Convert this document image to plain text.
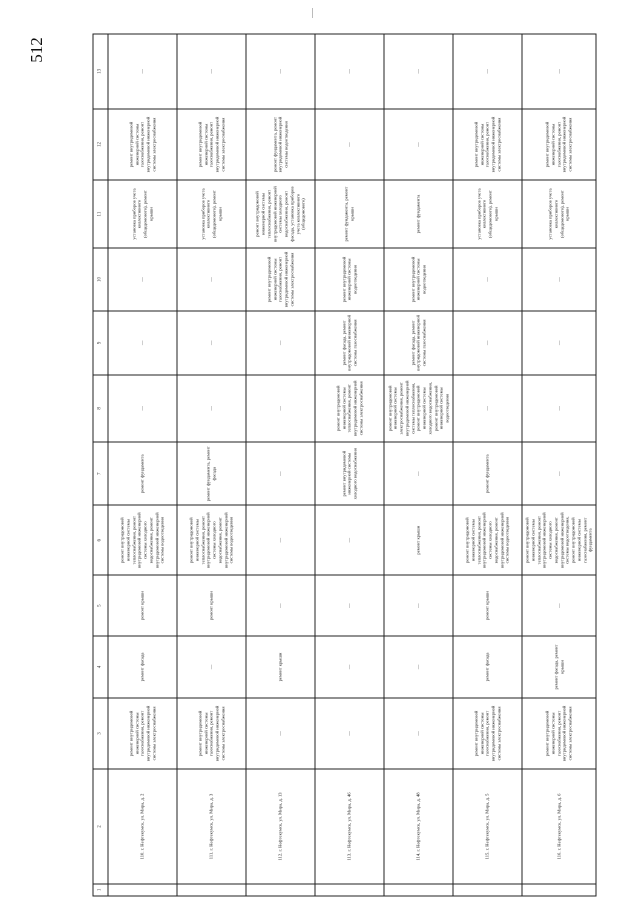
512
1	2	3	4	5	6	7	8	9	10	11	12	13
	110. г. Нефтекумск, ул. Мира, д. 2	ремонт внутридомовой инженерной системы газоснабжения, ремонт внутридомовой инженерной системы электроснабжения	ремонт фасада	ремонт крыши	ремонт внутридомовой инженерной системы теплоснабжения, ремонт внутридомовой инженерной системы холодного водоснабжения, ремонт внутридомовой инженерной системы водоотведения	ремонт фундамента	—	—	—	установка приборов учета коллективного (общедомового), ремонт крыши	ремонт внутридомовой инженерной системы газоснабжения, ремонт внутридомовой инженерной системы электроснабжения	—
	111. г. Нефтекумск, ул. Мира, д. 3	ремонт внутридомовой инженерной системы газоснабжения, ремонт внутридомовой инженерной системы электроснабжения	—	ремонт крыши	ремонт внутридомовой инженерной системы теплоснабжения, ремонт внутридомовой инженерной системы холодного водоснабжения, ремонт внутридомовой инженерной системы водоотведения	ремонт фундамента, ремонт фасада	—	—	—	установка приборов учета коллективного (общедомового), ремонт крыши	ремонт внутридомовой инженерной системы газоснабжения, ремонт внутридомовой инженерной системы электроснабжения	—
	112. г. Нефтекумск, ул. Мира, д. 13	—	ремонт крыши	—	—	—	—	—	ремонт внутридомовой инженерной системы газоснабжения, ремонт внутридомовой инженерной системы электроснабжения	ремонт внутридомовой инженерной системы теплоснабжения, ремонт внутридомовой инженерной системы холодного водоснабжения, ремонт фасада, установка приборов учета коллективного (общедомового)	ремонт фундамента, ремонт внутридомовой инженерной системы водоотведения	—
	113. г. Нефтекумск, ул. Мира, д. 46	—	—	—	—	ремонт внутридомовой инженерной системы холодного водоснабжения	ремонт внутридомовой инженерной системы теплоснабжения, ремонт внутридомовой инженерной системы электроснабжения	ремонт фасада, ремонт внутридомовой инженерной системы газоснабжения	ремонт внутридомовой инженерной системы водоотведения	ремонт фундамента, ремонт крыши	—	—
	114. г. Нефтекумск, ул. Мира, д. 48	—	—	—	ремонт крыши	—	ремонт внутридомовой инженерной системы электроснабжения, ремонт внутридомовой инженерной системы теплоснабжения, ремонт внутридомовой инженерной системы холодного водоснабжения, ремонт внутридомовой инженерной системы водоотведения	ремонт фасада, ремонт внутридомовой инженерной системы газоснабжения	ремонт внутридомовой инженерной системы водоотведения	ремонт фундамента	—	—
	115. г. Нефтекумск, ул. Мира, д. 5	ремонт внутридомовой инженерной системы газоснабжения, ремонт внутридомовой инженерной системы электроснабжения	ремонт фасада	ремонт крыши	ремонт внутридомовой инженерной системы теплоснабжения, ремонт внутридомовой инженерной системы холодного водоснабжения, ремонт внутридомовой инженерной системы водоотведения	ремонт фундамента	—	—	—	установка приборов учета коллективного (общедомового), ремонт крыши	ремонт внутридомовой инженерной системы газоснабжения, ремонт внутридомовой инженерной системы электроснабжения	—
	116. г. Нефтекумск, ул. Мира, д. 6	ремонт внутридомовой инженерной системы газоснабжения, ремонт внутридомовой инженерной системы электроснабжения	ремонт фасада, ремонт крыши	—	ремонт внутридомовой инженерной системы теплоснабжения, ремонт внутридомовой инженерной системы холодного водоснабжения, ремонт внутридомовой инженерной системы водоотведения, ремонт внутридомовой инженерной системы газоснабжения, ремонт фундамента	—	—	—	—	установка приборов учета коллективного (общедомового), ремонт крыши	ремонт внутридомовой инженерной системы газоснабжения, ремонт внутридомовой инженерной системы электроснабжения	—
